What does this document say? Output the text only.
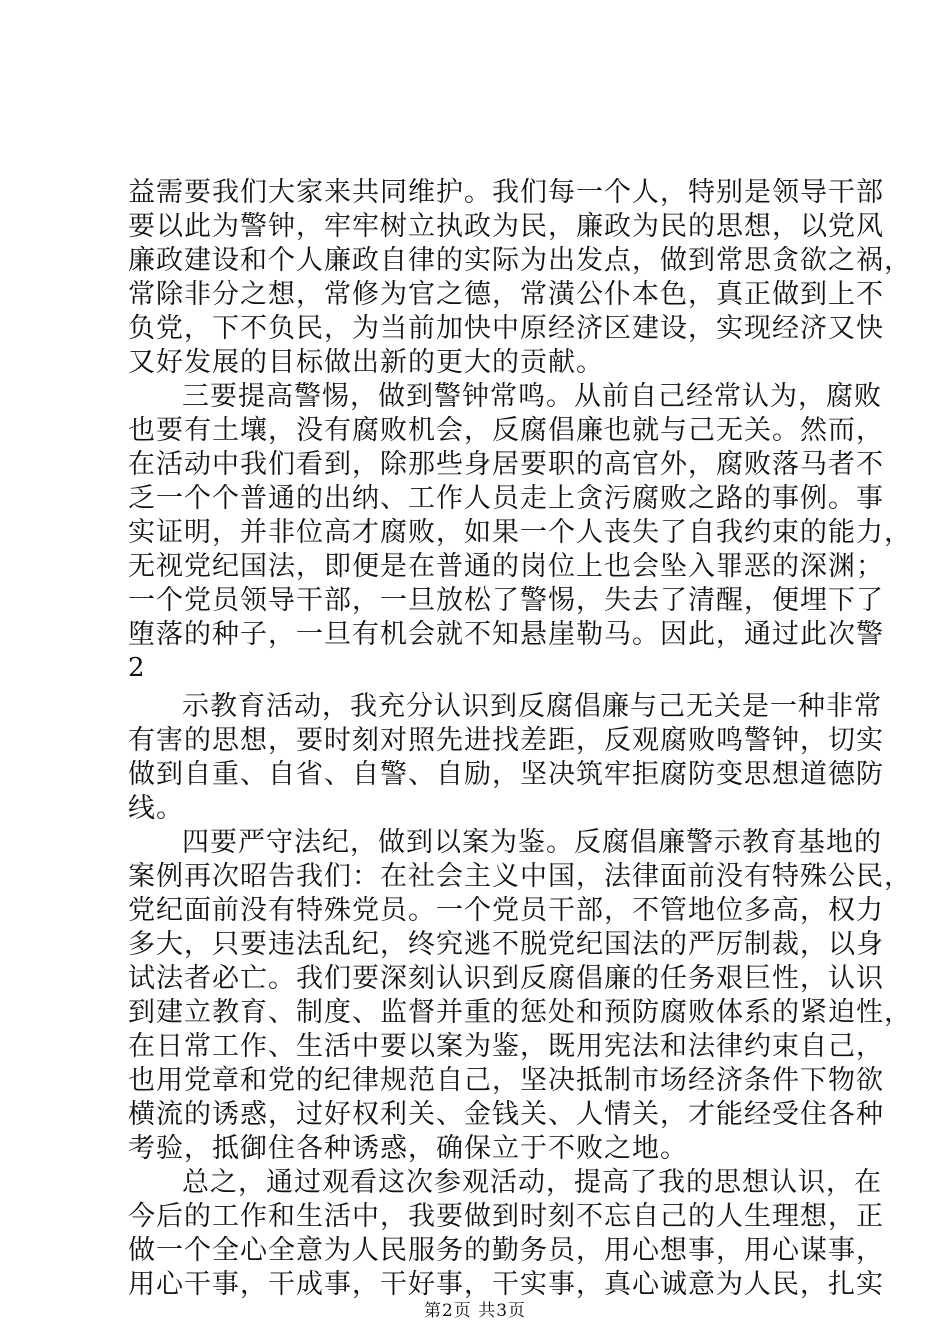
益需要我们大家来共同维护。我们每一个人，特别是领导干部
要以此为警钟，牢牢树立执政为民，廉政为民的思想，以党风
廉政建设和个人廉政自律的实际为出发点，做到常思贪欲之祸，
常除非分之想，常修为官之德，常潢公仆本色，真正做到上不
负党，下不负民，为当前加快中原经济区建设，实现经济又快
又好发展的目标做出新的更大的贡献。
三要提高警惕，做到警钟常鸣。从前自己经常认为，腐败
也要有土壤，没有腐败机会，反腐倡廉也就与己无关。然而，
在活动中我们看到，除那些身居要职的高官外，腐败落马者不
乏一个个普通的出纳、工作人员走上贪污腐败之路的事例。事
实证明，并非位高才腐败，如果一个人丧失了自我约束的能力，
无视党纪国法，即便是在普通的岗位上也会坠入罪恶的深渊；
一个党员领导干部，一旦放松了警惕，失去了清醒，便埋下了
堕落的种子，一旦有机会就不知悬崖勒马。因此，通过此次警
2
示教育活动，我充分认识到反腐倡廉与己无关是一种非常
有害的思想，要时刻对照先进找差距，反观腐败鸣警钟，切实
做到自重、自省、自警、自励，坚决筑牢拒腐防变思想道德防
线。
四要严守法纪，做到以案为鉴。反腐倡廉警示教育基地的
案例再次昭告我们：在社会主义中国，法律面前没有特殊公民，
党纪面前没有特殊党员。一个党员干部，不管地位多高，权力
多大，只要违法乱纪，终究逃不脱党纪国法的严厉制裁，以身
试法者必亡。我们要深刻认识到反腐倡廉的任务艰巨性，认识
到建立教育、制度、监督并重的惩处和预防腐败体系的紧迫性，
在日常工作、生活中要以案为鉴，既用宪法和法律约束自己，
也用党章和党的纪律规范自己，坚决抵制市场经济条件下物欲
横流的诱惑，过好权利关、金钱关、人情关，才能经受住各种
考验，抵御住各种诱惑，确保立于不败之地。
总之，通过观看这次参观活动，提高了我的思想认识，在
今后的工作和生活中，我要做到时刻不忘自己的人生理想，正
做一个全心全意为人民服务的勤务员，用心想事，用心谋事，
用心干事，干成事，干好事，干实事，真心诚意为人民，扎实
第2页 共3页
